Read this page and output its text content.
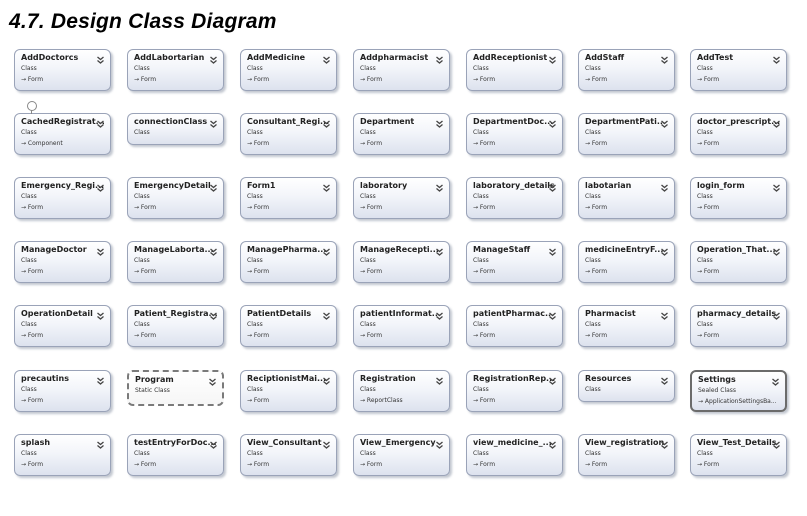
4.7. Design Class Diagram
AddDoctorcs
Class
→ Form
AddLabortarian
Class
→ Form
AddMedicine
Class
→ Form
Addpharmacist
Class
→ Form
AddReceptionist
Class
→ Form
AddStaff
Class
→ Form
AddTest
Class
→ Form
CachedRegistrat...
Class
→ Component
connectionClass
Class
Consultant_Regi...
Class
→ Form
Department
Class
→ Form
DepartmentDoc...
Class
→ Form
DepartmentPati...
Class
→ Form
doctor_prescript...
Class
→ Form
Emergency_Regi...
Class
→ Form
EmergencyDetail
Class
→ Form
Form1
Class
→ Form
laboratory
Class
→ Form
laboratory_details
Class
→ Form
labotarian
Class
→ Form
login_form
Class
→ Form
ManageDoctor
Class
→ Form
ManageLaborta...
Class
→ Form
ManagePharma...
Class
→ Form
ManageRecepti...
Class
→ Form
ManageStaff
Class
→ Form
medicineEntryF...
Class
→ Form
Operation_That...
Class
→ Form
OperationDetail
Class
→ Form
Patient_Registra...
Class
→ Form
PatientDetails
Class
→ Form
patientInformat...
Class
→ Form
patientPharmac...
Class
→ Form
Pharmacist
Class
→ Form
pharmacy_details
Class
→ Form
precautins
Class
→ Form
Program
Static Class
ReciptionistMai...
Class
→ Form
Registration
Class
→ ReportClass
RegistrationRep...
Class
→ Form
Resources
Class
Settings
Sealed Class
→ ApplicationSettingsBa...
splash
Class
→ Form
testEntryForDoc...
Class
→ Form
View_Consultant
Class
→ Form
View_Emergency
Class
→ Form
view_medicine_...
Class
→ Form
View_registration
Class
→ Form
View_Test_Details
Class
→ Form
